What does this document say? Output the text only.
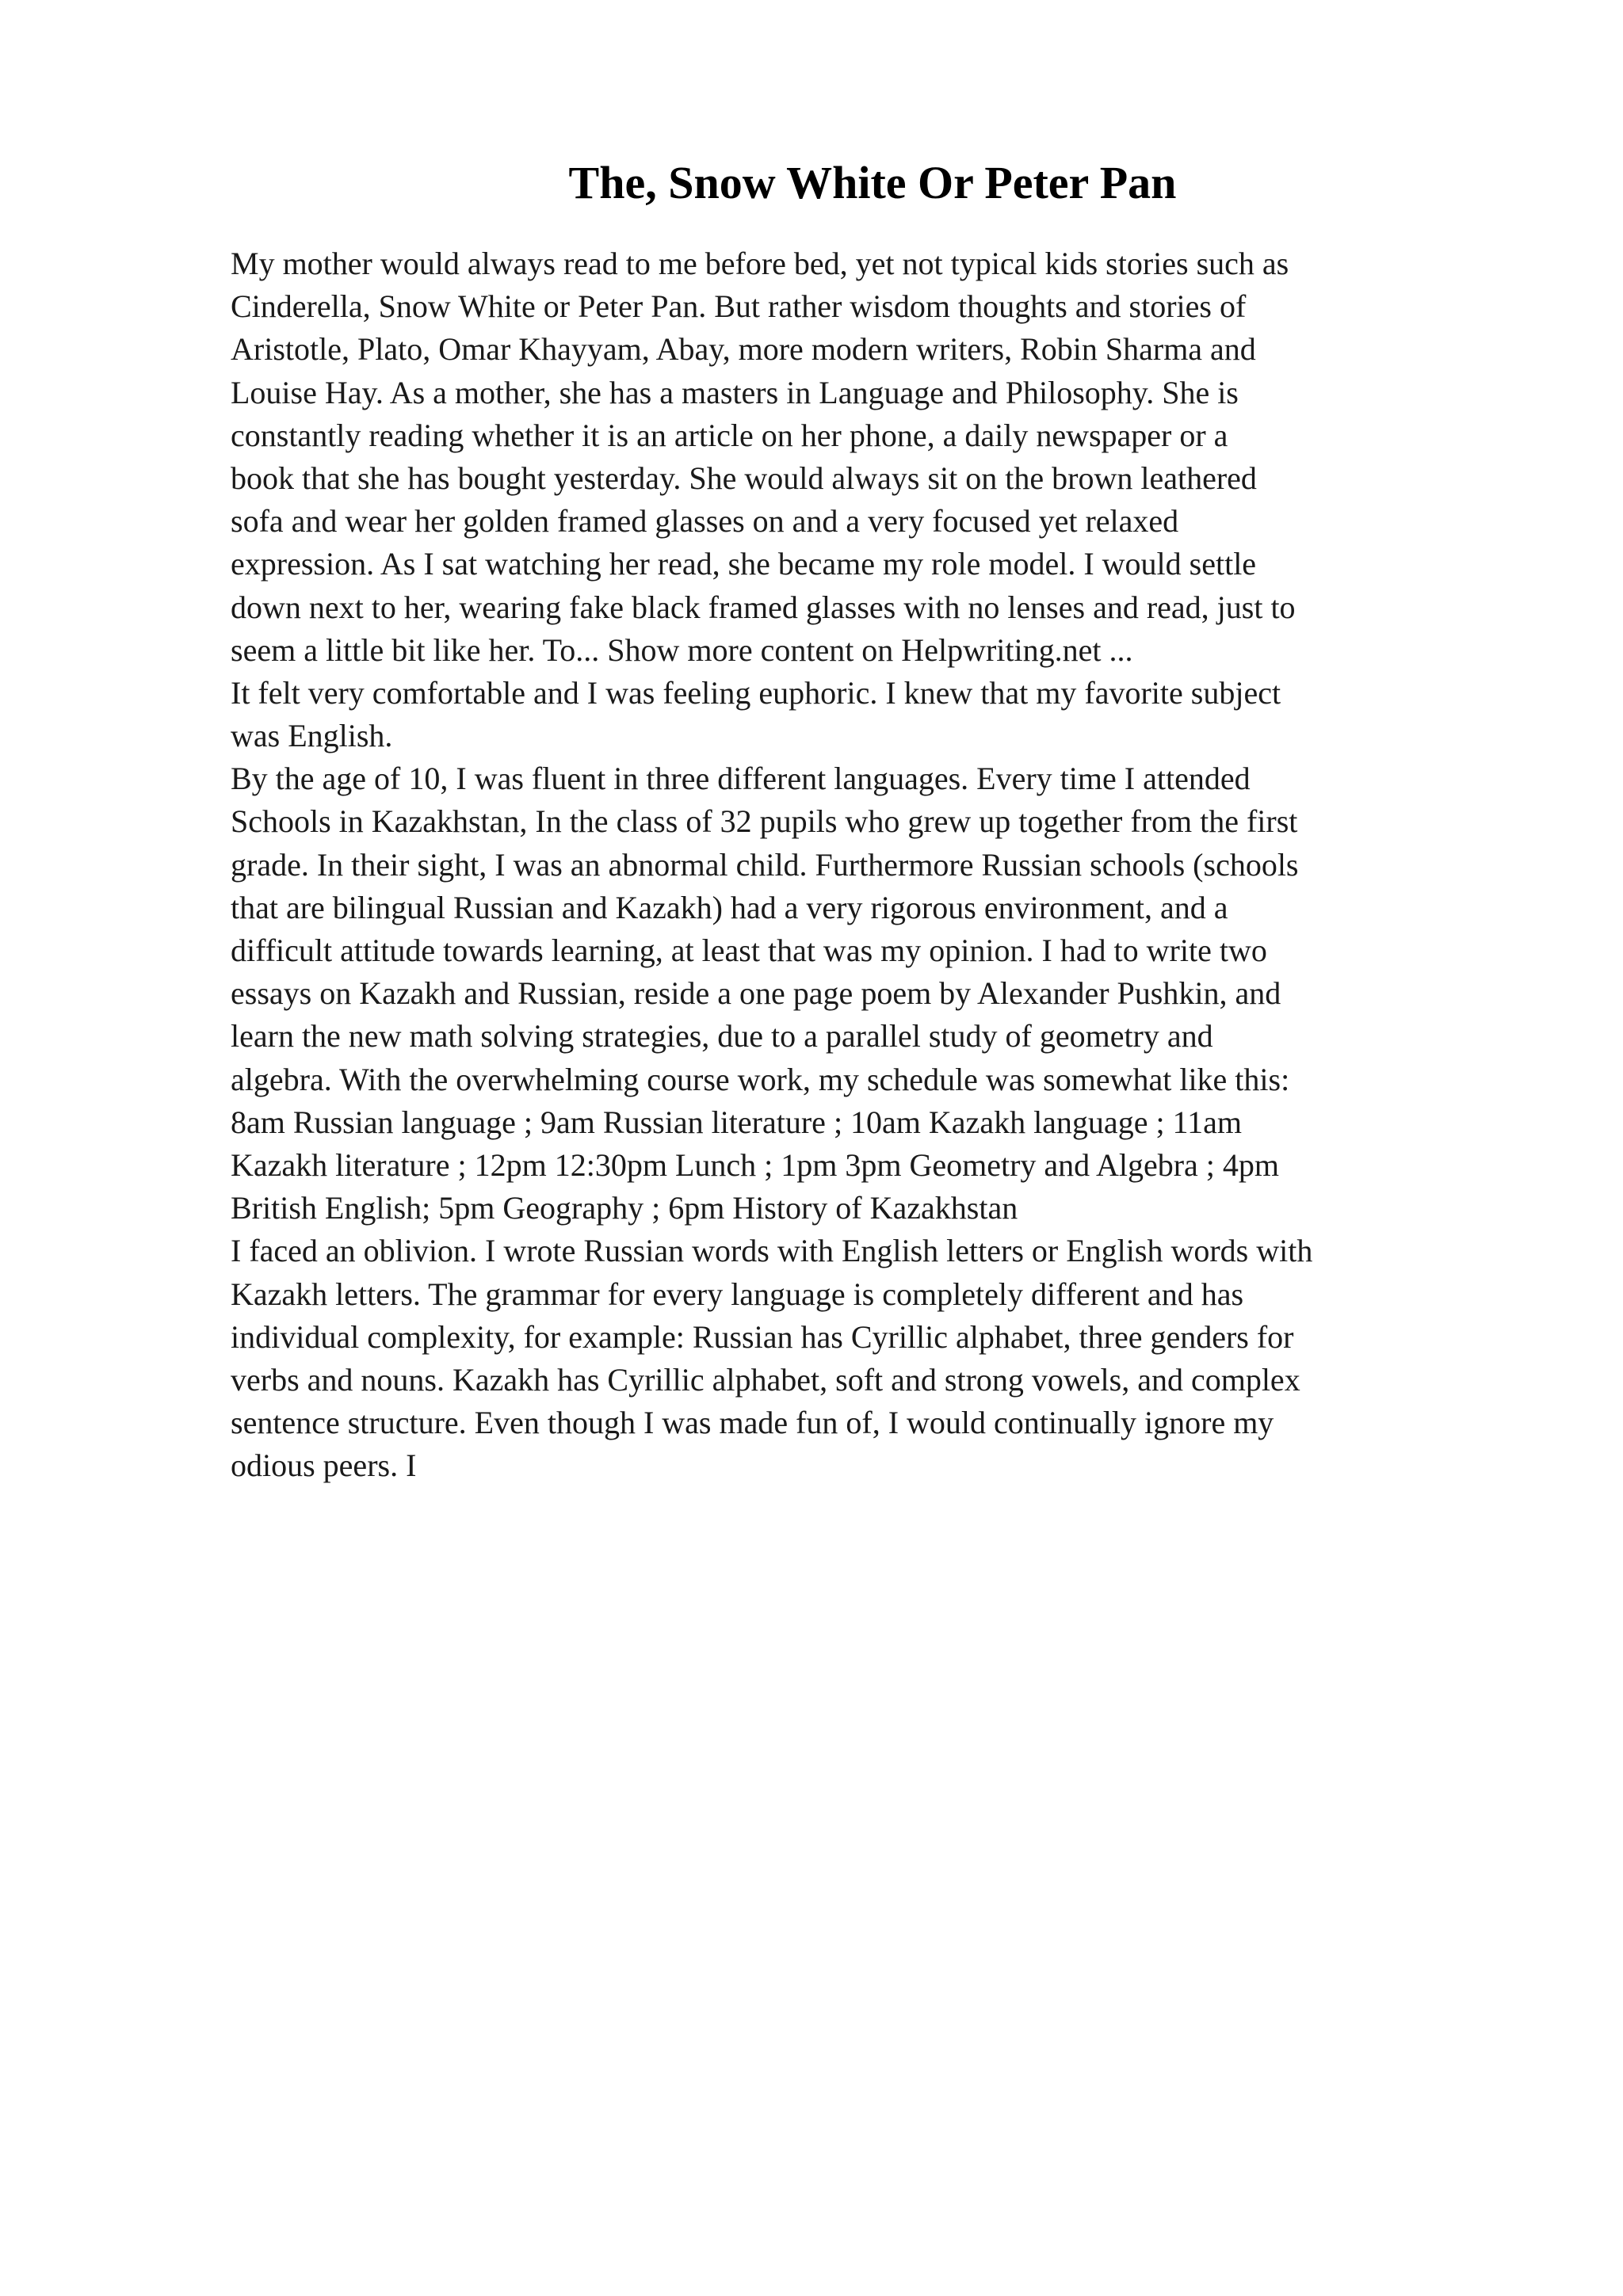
The, Snow White Or Peter Pan
My mother would always read to me before bed, yet not typical kids stories such as
Cinderella, Snow White or Peter Pan. But rather wisdom thoughts and stories of
Aristotle, Plato, Omar Khayyam, Abay, more modern writers, Robin Sharma and
Louise Hay. As a mother, she has a masters in Language and Philosophy. She is
constantly reading whether it is an article on her phone, a daily newspaper or a
book that she has bought yesterday. She would always sit on the brown leathered
sofa and wear her golden framed glasses on and a very focused yet relaxed
expression. As I sat watching her read, she became my role model. I would settle
down next to her, wearing fake black framed glasses with no lenses and read, just to
seem a little bit like her. To... Show more content on Helpwriting.net ...
It felt very comfortable and I was feeling euphoric. I knew that my favorite subject
was English.
By the age of 10, I was fluent in three different languages. Every time I attended
Schools in Kazakhstan, In the class of 32 pupils who grew up together from the first
grade. In their sight, I was an abnormal child. Furthermore Russian schools (schools
that are bilingual Russian and Kazakh) had a very rigorous environment, and a
difficult attitude towards learning, at least that was my opinion. I had to write two
essays on Kazakh and Russian, reside a one page poem by Alexander Pushkin, and
learn the new math solving strategies, due to a parallel study of geometry and
algebra. With the overwhelming course work, my schedule was somewhat like this:
8am Russian language ; 9am Russian literature ; 10am Kazakh language ; 11am
Kazakh literature ; 12pm 12:30pm Lunch ; 1pm 3pm Geometry and Algebra ; 4pm
British English; 5pm Geography ; 6pm History of Kazakhstan
I faced an oblivion. I wrote Russian words with English letters or English words with
Kazakh letters. The grammar for every language is completely different and has
individual complexity, for example: Russian has Cyrillic alphabet, three genders for
verbs and nouns. Kazakh has Cyrillic alphabet, soft and strong vowels, and complex
sentence structure. Even though I was made fun of, I would continually ignore my
odious peers. I
